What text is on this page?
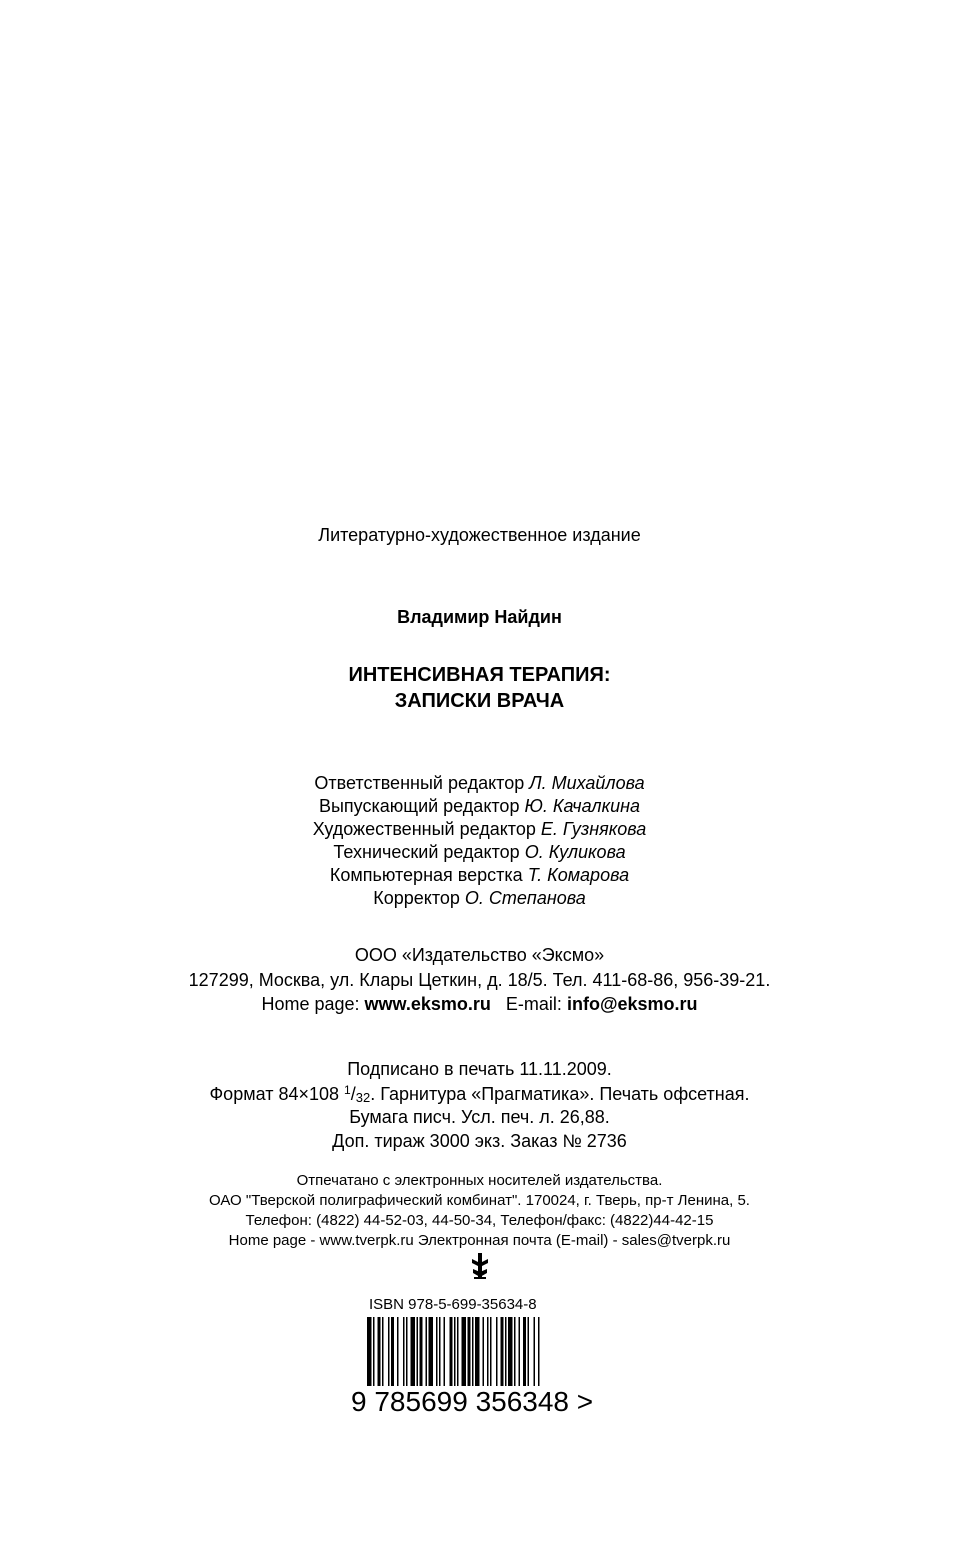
Литературно-художественное издание
Владимир Найдин
ИНТЕНСИВНАЯ ТЕРАПИЯ:
ЗАПИСКИ ВРАЧА
Ответственный редактор Л. Михайлова
Выпускающий редактор Ю. Качалкина
Художественный редактор Е. Гузнякова
Технический редактор О. Куликова
Компьютерная верстка Т. Комарова
Корректор О. Степанова
ООО «Издательство «Эксмо»
127299, Москва, ул. Клары Цеткин, д. 18/5. Тел. 411-68-86, 956-39-21.
Home page: www.eksmo.ru E-mail: info@eksmo.ru
Подписано в печать 11.11.2009.
Формат 84×108 $^1/_{32}$. Гарнитура «Прагматика». Печать офсетная.
Бумага писч. Усл. печ. л. 26,88.
Доп. тираж 3000 экз. Заказ № 2736
Отпечатано с электронных носителей издательства.
ОАО "Тверской полиграфический комбинат". 170024, г. Тверь, пр-т Ленина, 5.
Телефон: (4822) 44-52-03, 44-50-34, Телефон/факс: (4822)44-42-15
Home page - www.tverpk.ru Электронная почта (E-mail) - sales@tverpk.ru
ISBN 978-5-699-35634-8
9 785699 356348 >
